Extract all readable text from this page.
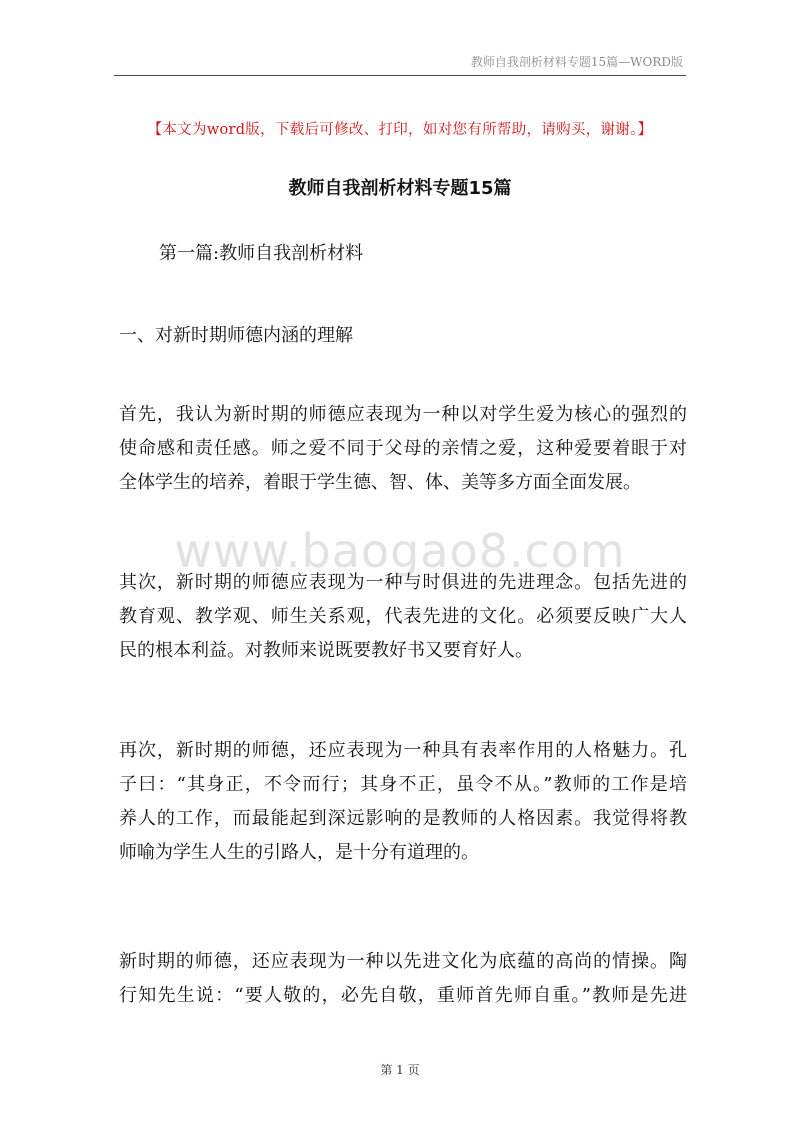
教师自我剖析材料专题15篇—WORD版
【本文为word版，下载后可修改、打印，如对您有所帮助，请购买，谢谢。】
教师自我剖析材料专题15篇
第一篇:教师自我剖析材料
一、对新时期师德内涵的理解
www.baogao8.com
首先，我认为新时期的师德应表现为一种以对学生爱为核心的强烈的
使命感和责任感。师之爱不同于父母的亲情之爱，这种爱要着眼于对
全体学生的培养，着眼于学生德、智、体、美等多方面全面发展。
其次，新时期的师德应表现为一种与时俱进的先进理念。包括先进的
教育观、教学观、师生关系观，代表先进的文化。必须要反映广大人
民的根本利益。对教师来说既要教好书又要育好人。
再次，新时期的师德，还应表现为一种具有表率作用的人格魅力。孔
子曰：“其身正，不令而行；其身不正，虽令不从。”教师的工作是培
养人的工作，而最能起到深远影响的是教师的人格因素。我觉得将教
师喻为学生人生的引路人，是十分有道理的。
新时期的师德，还应表现为一种以先进文化为底蕴的高尚的情操。陶
行知先生说：“要人敬的，必先自敬，重师首先师自重。”教师是先进
第 1 页
